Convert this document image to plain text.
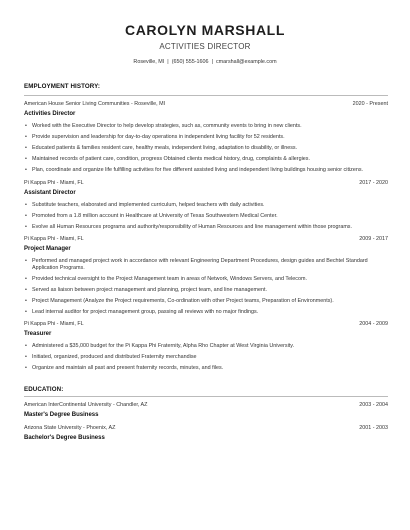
CAROLYN MARSHALL
ACTIVITIES DIRECTOR
Roseville, MI | (650) 555-1606 | cmarshall@example.com
EMPLOYMENT HISTORY:
American House Senior Living Communities - Roseville, MI	2020 - Present
Activities Director
• Worked with the Executive Director to help develop strategies, such as, community events to bring in new clients.
• Provide supervision and leadership for day-to-day operations in independent living facility for 52 residents.
• Educated patients & families resident care, healthy meals, independent living, adaptation to disability, or illness.
• Maintained records of patient care, condition, progress Obtained clients medical history, drug, complaints & allergies.
• Plan, coordinate and organize life fulfilling activities for five different assisted living and independent living buildings housing senior citizens.
Pi Kappa Phi - Miami, FL	2017 - 2020
Assistant Director
• Substitute teachers, elaborated and implemented curriculum, helped teachers with daily activities.
• Promoted from a 1.8 million account in Healthcare at University of Texas Southwestern Medical Center.
• Evolve all Human Resources programs and authority/responsibility of Human Resources and line management within those programs.
Pi Kappa Phi - Miami, FL	2009 - 2017
Project Manager
• Performed and managed project work in accordance with relevant Engineering Department Procedures, design guides and Bechtel Standard Application Programs.
• Provided technical oversight to the Project Management team in areas of Network, Windows Servers, and Telecom.
• Served as liaison between project management and planning, project team, and line management.
• Project Management (Analyze the Project requirements, Co-ordination with other Project teams, Preparation of Environments).
• Lead internal auditor for project management group, passing all reviews with no major findings.
Pi Kappa Phi - Miami, FL	2004 - 2009
Treasurer
• Administered a $35,000 budget for the Pi Kappa Phi Fraternity, Alpha Rho Chapter at West Virginia University.
• Initiated, organized, produced and distributed Fraternity merchandise
• Organize and maintain all past and present fraternity records, minutes, and files.
EDUCATION:
American InterContinental University - Chandler, AZ	2003 - 2004
Master's Degree Business
Arizona State University - Phoenix, AZ	2001 - 2003
Bachelor's Degree Business
